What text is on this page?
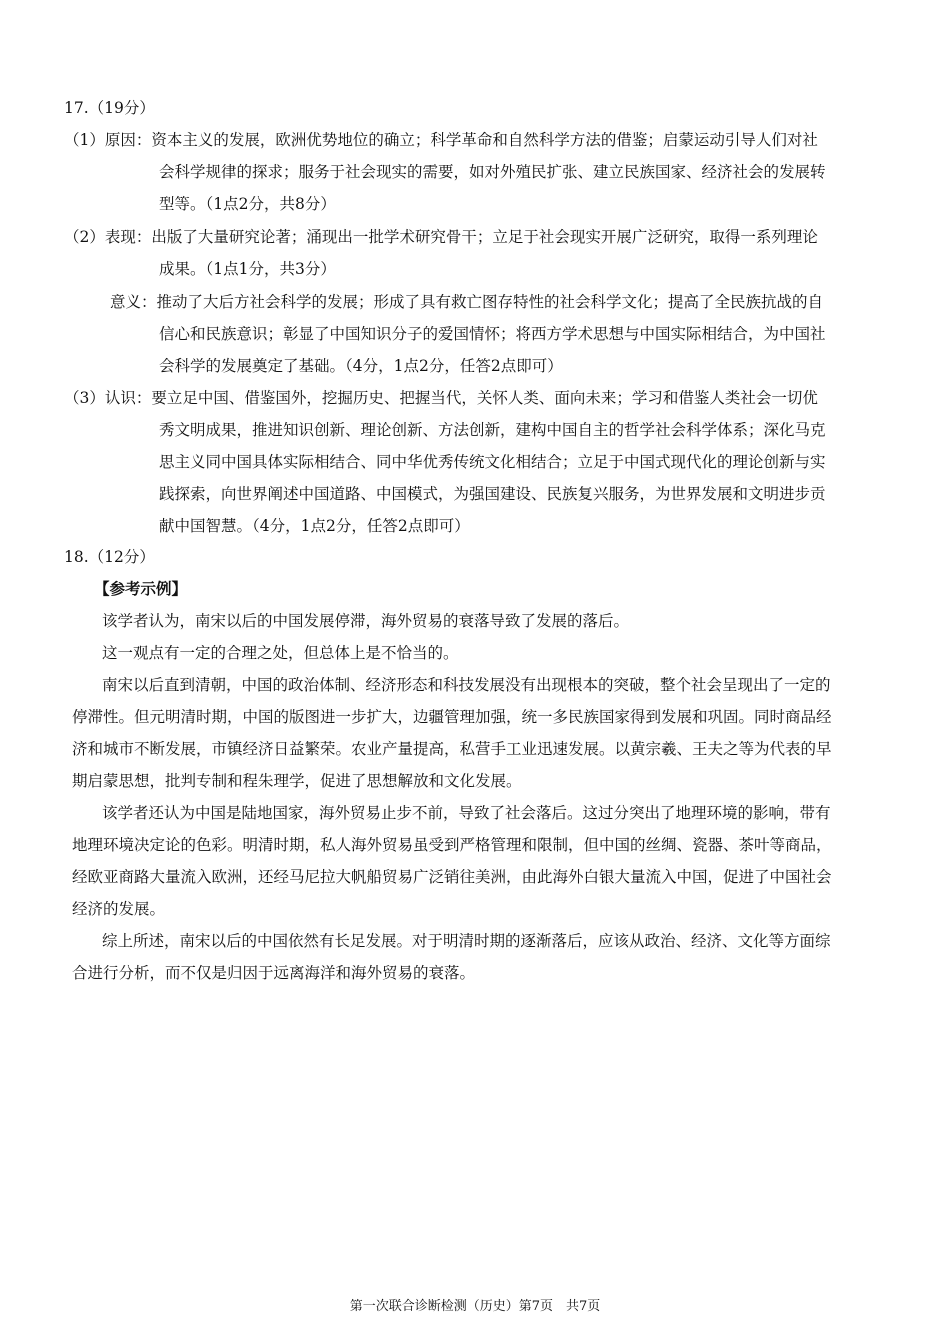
17.（19分）
（1）原因：资本主义的发展，欧洲优势地位的确立；科学革命和自然科学方法的借鉴；启蒙运动引导人们对社
会科学规律的探求；服务于社会现实的需要，如对外殖民扩张、建立民族国家、经济社会的发展转
型等。（1点2分，共8分）
（2）表现：出版了大量研究论著；涌现出一批学术研究骨干；立足于社会现实开展广泛研究，取得一系列理论
成果。（1点1分，共3分）
意义：推动了大后方社会科学的发展；形成了具有救亡图存特性的社会科学文化；提高了全民族抗战的自
信心和民族意识；彰显了中国知识分子的爱国情怀；将西方学术思想与中国实际相结合，为中国社
会科学的发展奠定了基础。（4分，1点2分，任答2点即可）
（3）认识：要立足中国、借鉴国外，挖掘历史、把握当代，关怀人类、面向未来；学习和借鉴人类社会一切优
秀文明成果，推进知识创新、理论创新、方法创新，建构中国自主的哲学社会科学体系；深化马克
思主义同中国具体实际相结合、同中华优秀传统文化相结合；立足于中国式现代化的理论创新与实
践探索，向世界阐述中国道路、中国模式，为强国建设、民族复兴服务，为世界发展和文明进步贡
献中国智慧。（4分，1点2分，任答2点即可）
18.（12分）
【参考示例】
该学者认为，南宋以后的中国发展停滞，海外贸易的衰落导致了发展的落后。
这一观点有一定的合理之处，但总体上是不恰当的。
南宋以后直到清朝，中国的政治体制、经济形态和科技发展没有出现根本的突破，整个社会呈现出了一定的
停滞性。但元明清时期，中国的版图进一步扩大，边疆管理加强，统一多民族国家得到发展和巩固。同时商品经
济和城市不断发展，市镇经济日益繁荣。农业产量提高，私营手工业迅速发展。以黄宗羲、王夫之等为代表的早
期启蒙思想，批判专制和程朱理学，促进了思想解放和文化发展。
该学者还认为中国是陆地国家，海外贸易止步不前，导致了社会落后。这过分突出了地理环境的影响，带有
地理环境决定论的色彩。明清时期，私人海外贸易虽受到严格管理和限制，但中国的丝绸、瓷器、茶叶等商品，
经欧亚商路大量流入欧洲，还经马尼拉大帆船贸易广泛销往美洲，由此海外白银大量流入中国，促进了中国社会
经济的发展。
综上所述，南宋以后的中国依然有长足发展。对于明清时期的逐渐落后，应该从政治、经济、文化等方面综
合进行分析，而不仅是归因于远离海洋和海外贸易的衰落。
第一次联合诊断检测（历史）第7页　共7页
